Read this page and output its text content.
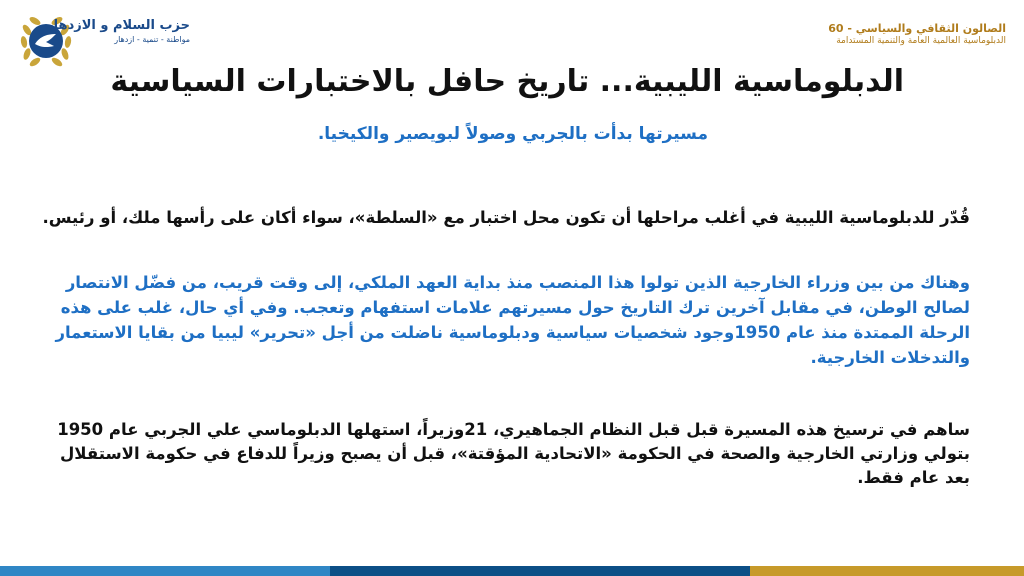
حزب السلام و الازدهار
مواطنة - تنمية - ازدهار
الصالون الثقافي والسياسي - 60
الدبلوماسية العالمية العامة والتنمية المستدامة
الدبلوماسية الليبية... تاريخ حافل بالاختبارات السياسية
مسيرتها بدأت بالجربي وصولاً لبويصير والكيخيا.
قُدّر للدبلوماسية الليبية في أغلب مراحلها أن تكون محل اختبار مع «السلطة»، سواء أكان على رأسها ملك، أو رئيس.
وهناك من بين وزراء الخارجية الذين تولوا هذا المنصب منذ بداية العهد الملكي، إلى وقت قريب، من فضّل الانتصار لصالح الوطن، في مقابل آخرين ترك التاريخ حول مسيرتهم علامات استفهام وتعجب. وفي أي حال، غلب على هذه الرحلة الممتدة منذ عام 1950وجود شخصيات سياسية ودبلوماسية ناضلت من أجل «تحرير» ليبيا من بقايا الاستعمار والتدخلات الخارجية.
ساهم في ترسيخ هذه المسيرة قبل قبل النظام الجماهيري، 21وزيراً، استهلها الدبلوماسي علي الجربي عام 1950 بتولي وزارتي الخارجية والصحة في الحكومة «الاتحادية المؤقتة»، قبل أن يصبح وزيراً للدفاع في حكومة الاستقلال بعد عام فقط.
